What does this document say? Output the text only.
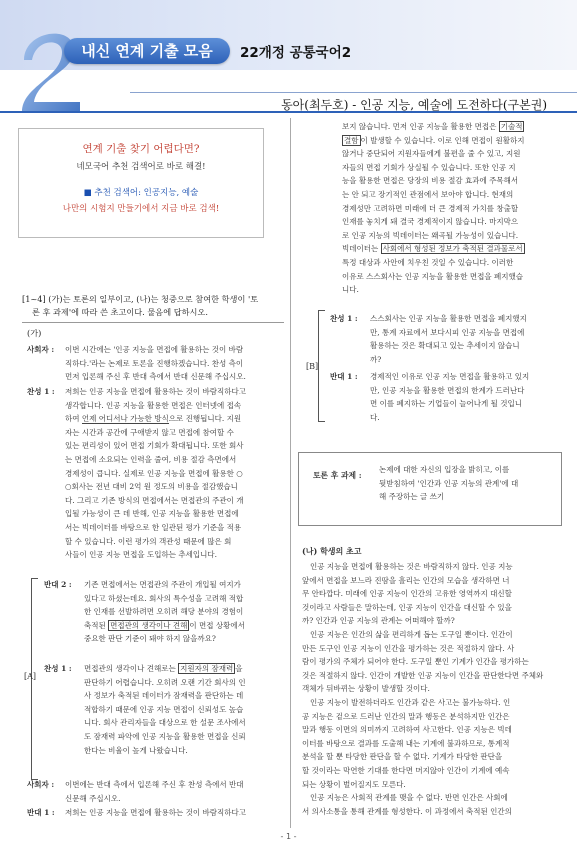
내신 연계 기출 모음	22개정 공통국어2
동아(최두호) - 인공 지능, 예술에 도전하다(구본권)
연계 기출 찾기 어렵다면?
네모국어 추천 검색어로 바로 해결!
■ 추천 검색어: 인공지능, 예술
나만의 시험지 만들기에서 지금 바로 검색!
[1~4] (가)는 토론의 일부이고, (나)는 청중으로 참여한 학생이 '토
론 후 과제'에 따라 쓴 초고이다. 물음에 답하시오.
(가)
사회자 : 이번 시간에는 '인공 지능을 면접에 활용하는 것이 바람
직하다.'라는 논제로 토론을 진행하겠습니다. 찬성 측이
먼저 입론해 주신 후 반대 측에서 반대 신문해 주십시오.
찬성 1 : 저희는 인공 지능을 면접에 활용하는 것이 바람직하다고
생각합니다. 인공 지능을 활용한 면접은 인터넷에 접속
하여 언제 어디서나 가능한 방식으로 진행됩니다. 지원
자는 시간과 공간에 구애받지 않고 면접에 참여할 수
있는 편리성이 있어 면접 기회가 확대됩니다. 또한 회사
는 면접에 소요되는 인력을 줄여, 비용 절감 측면에서
경제성이 큽니다. 실제로 인공 지능을 면접에 활용한 ○
○회사는 전년 대비 2억 원 정도의 비용을 절감했습니
다. 그리고 기존 방식의 면접에서는 면접관의 주관이 개
입될 가능성이 큰 데 반해, 인공 지능을 활용한 면접에
서는 빅데이터를 바탕으로 한 일관된 평가 기준을 적용
할 수 있습니다. 이런 평가의 객관성 때문에 많은 회
사들이 인공 지능 면접을 도입하는 추세입니다.
[A]
반대 2 : 기존 면접에서는 면접관의 주관이 개입될 여지가
있다고 하셨는데요. 회사의 특수성을 고려해 적합
한 인재를 선발하려면 오히려 해당 분야의 경험이
축적된 면접관의 생각이나 견해 이 면접 상황에서
중요한 판단 기준이 돼야 하지 않을까요?
찬성 1 : 면접관의 생각이나 견해로는 지원자의 잠재력 을
판단하기 어렵습니다. 오히려 오랜 기간 회사의 인
사 정보가 축적된 데이터가 잠재력을 판단하는 데
적합하기 때문에 인공 지능 면접이 신뢰성도 높습
니다. 회사 관리자들을 대상으로 한 설문 조사에서
도 잠재력 파악에 인공 지능을 활용한 면접을 신뢰
한다는 비율이 높게 나왔습니다.
사회자 : 이번에는 반대 측에서 입론해 주신 후 찬성 측에서 반대
신문해 주십시오.
반대 1 : 저희는 인공 지능을 면접에 활용하는 것이 바람직하다고
보지 않습니다. 먼저 인공 지능을 활용한 면접은 기술적
결함 이 발생할 수 있습니다. 이로 인해 면접이 원활하지
않거나 중단되어 지원자들에게 불편을 줄 수 있고, 지원
자들의 면접 기회가 상실될 수 있습니다. 또한 인공 지
능을 활용한 면접은 당장의 비용 절감 효과에 주목해서
는 안 되고 장기적인 관점에서 보아야 합니다. 현재의
경제성만 고려하면 미래에 더 큰 경제적 가치를 창출할
인재를 놓치게 돼 결국 경제적이지 않습니다. 마지막으
로 인공 지능의 빅데이터는 왜곡될 가능성이 있습니다.
빅데이터는 사회에서 형성된 정보가 축적된 결과물로서
특정 대상과 사안에 치우친 것일 수 있습니다. 이러한
이유로 스스회사는 인공 지능을 활용한 면접을 폐지했습
니다.
[B]
찬성 1 : 스스회사는 인공 지능을 활용한 면접을 폐지했지
만, 통계 자료에서 보다시피 인공 지능을 면접에
활용하는 것은 확대되고 있는 추세이지 않습니
까?
반대 1 : 경제적인 이유로 인공 지능 면접을 활용하고 있지
만, 인공 지능을 활용한 면접의 한계가 드러난다
면 이를 폐지하는 기업들이 늘어나게 될 것입니
다.
토론 후 과제 :
논제에 대한 자신의 입장을 밝히고, 이를
뒷받침하여 '인간과 인공 지능의 관계'에 대
해 주장하는 글 쓰기
(나) 학생의 초고
인공 지능을 면접에 활용하는 것은 바람직하지 않다. 인공 지능
앞에서 면접을 보느라 진땀을 흘리는 인간의 모습을 생각하면 너
무 안타깝다. 미래에 인공 지능이 인간의 고유한 영역까지 대신할
것이라고 사람들은 말하는데, 인공 지능이 인간을 대신할 수 있을
까? 인간과 인공 지능의 관계는 어떠해야 할까?
인공 지능은 인간의 삶을 편리하게 돕는 도구일 뿐이다. 인간이
만든 도구인 인공 지능이 인간을 평가하는 것은 적절하지 않다. 사
람이 평가의 주체가 되어야 한다. 도구일 뿐인 기계가 인간을 평가하는
것은 적절하지 않다. 인간이 개발한 인공 지능이 인간을 판단한다면 주체와
객체가 뒤바뀌는 상황이 발생할 것이다.
인공 지능이 발전하더라도 인간과 같은 사고는 불가능하다. 인
공 지능은 겉으로 드러난 인간의 말과 행동은 분석하지만 인간은
말과 행동 이면의 의미까지 고려하여 사고한다. 인공 지능은 빅데
이터를 바탕으로 결과를 도출해 내는 기계에 불과하므로, 통계적
분석을 할 뿐 타당한 판단을 할 수 없다. 기계가 타당한 판단을
할 것이라는 막연한 기대를 한다면 머지않아 인간이 기계에 예속
되는 상황이 벌어질지도 모른다.
인공 지능은 사회적 관계를 맺을 수 없다. 반면 인간은 사회에
서 의사소통을 통해 관계를 형성한다. 이 과정에서 축적된 인간의
- 1 -
